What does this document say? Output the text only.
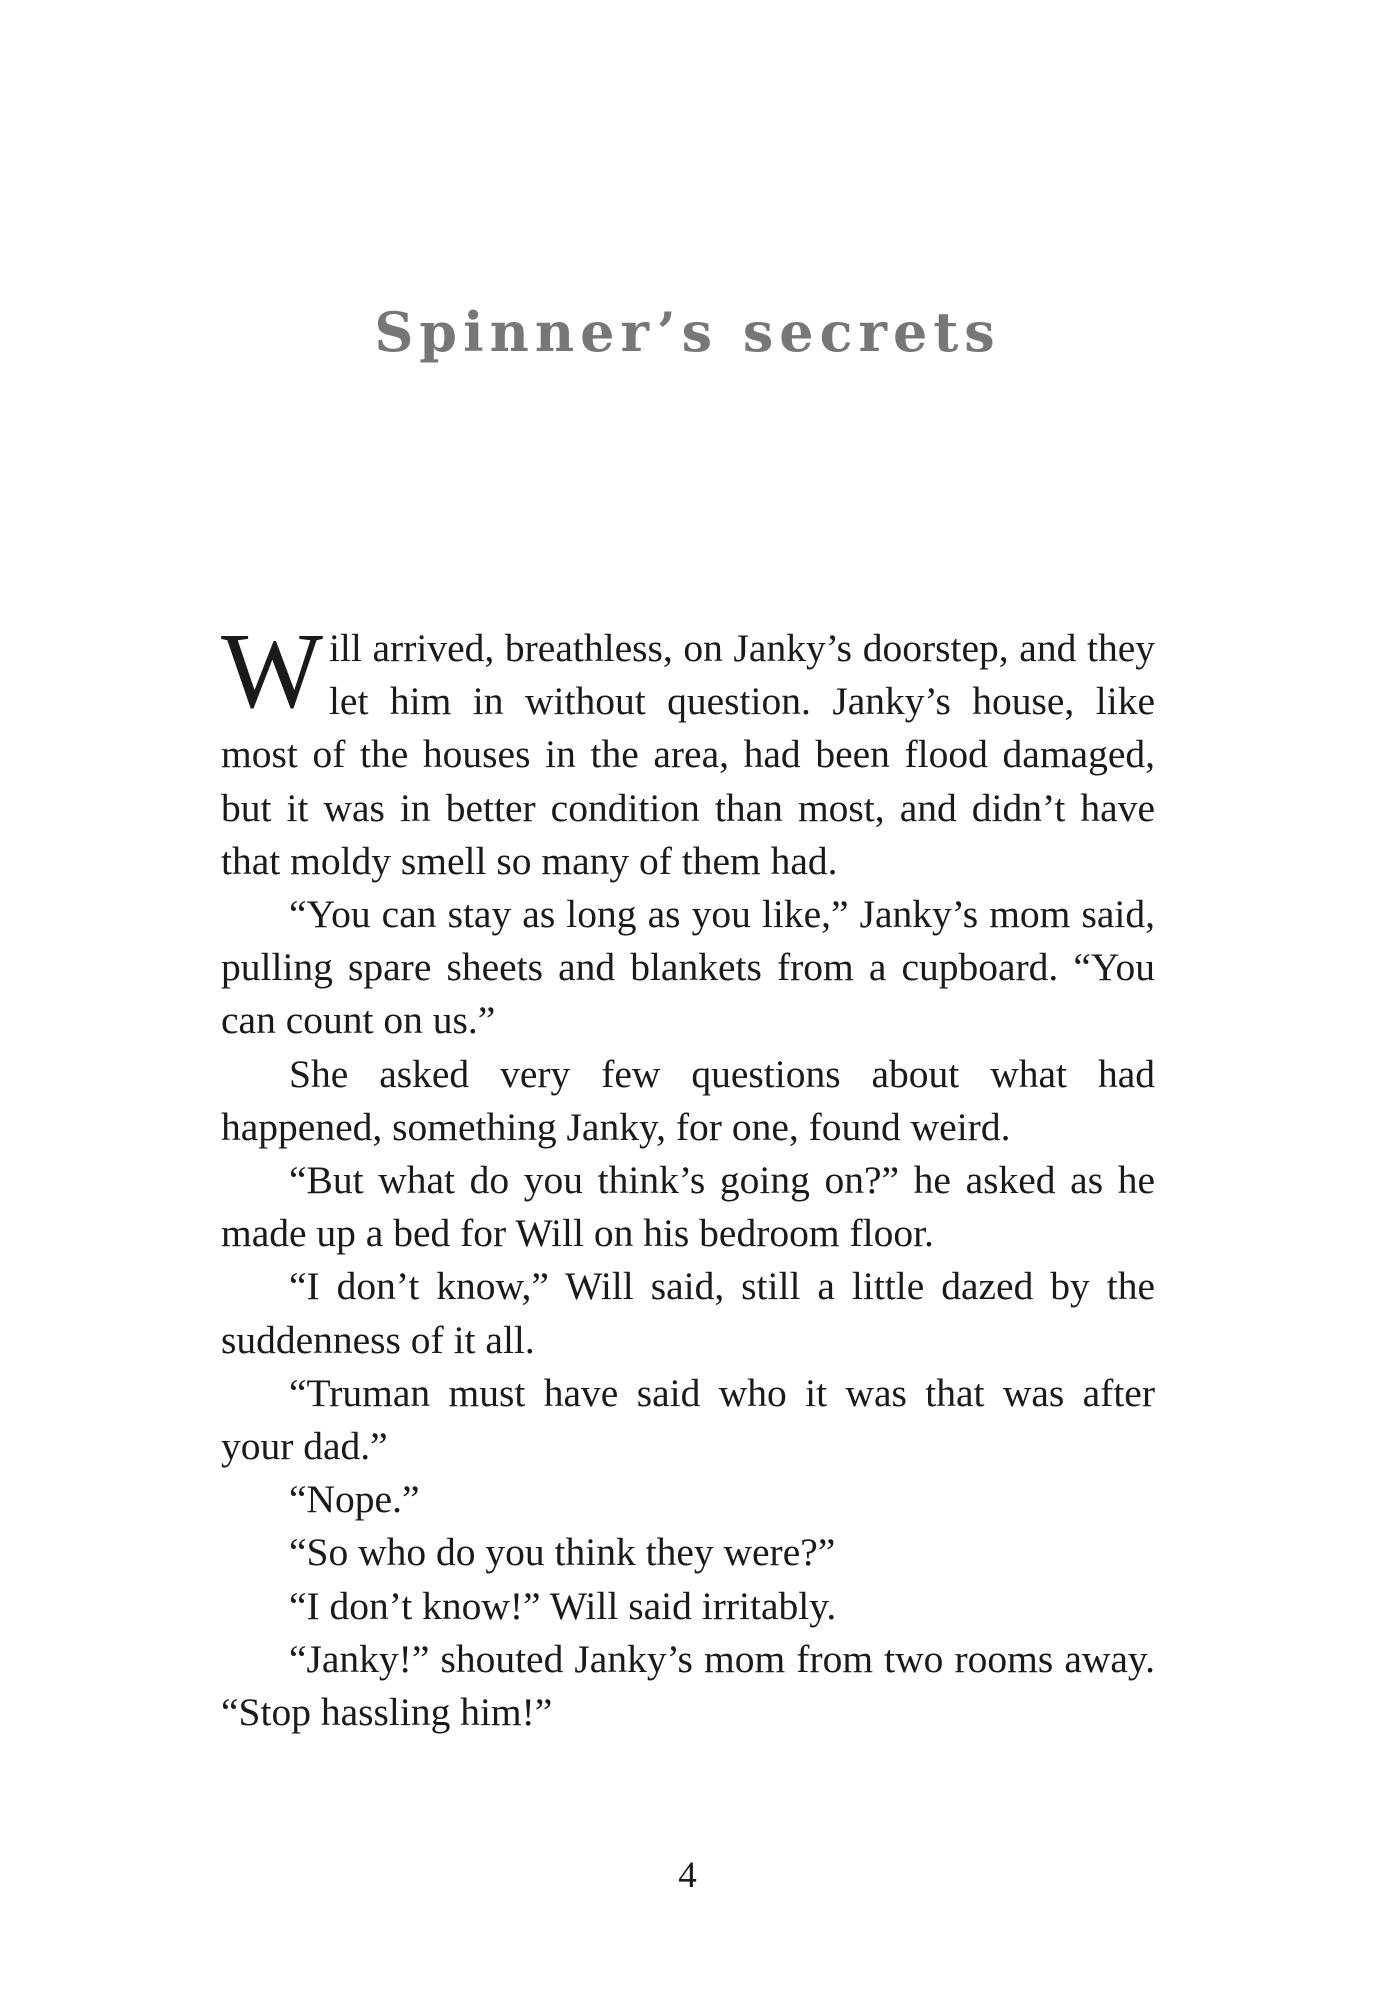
Spinner’s secrets

Will arrived, breathless, on Janky’s doorstep, and they let him in without question. Janky’s house, like most of the houses in the area, had been flood damaged, but it was in better condition than most, and didn’t have that moldy smell so many of them had.

“You can stay as long as you like,” Janky’s mom said, pulling spare sheets and blankets from a cupboard. “You can count on us.”

She asked very few questions about what had happened, something Janky, for one, found weird.

“But what do you think’s going on?” he asked as he made up a bed for Will on his bedroom floor.

“I don’t know,” Will said, still a little dazed by the suddenness of it all.

“Truman must have said who it was that was after your dad.”

“Nope.”

“So who do you think they were?”

“I don’t know!” Will said irritably.

“Janky!” shouted Janky’s mom from two rooms away. “Stop hassling him!”

4
